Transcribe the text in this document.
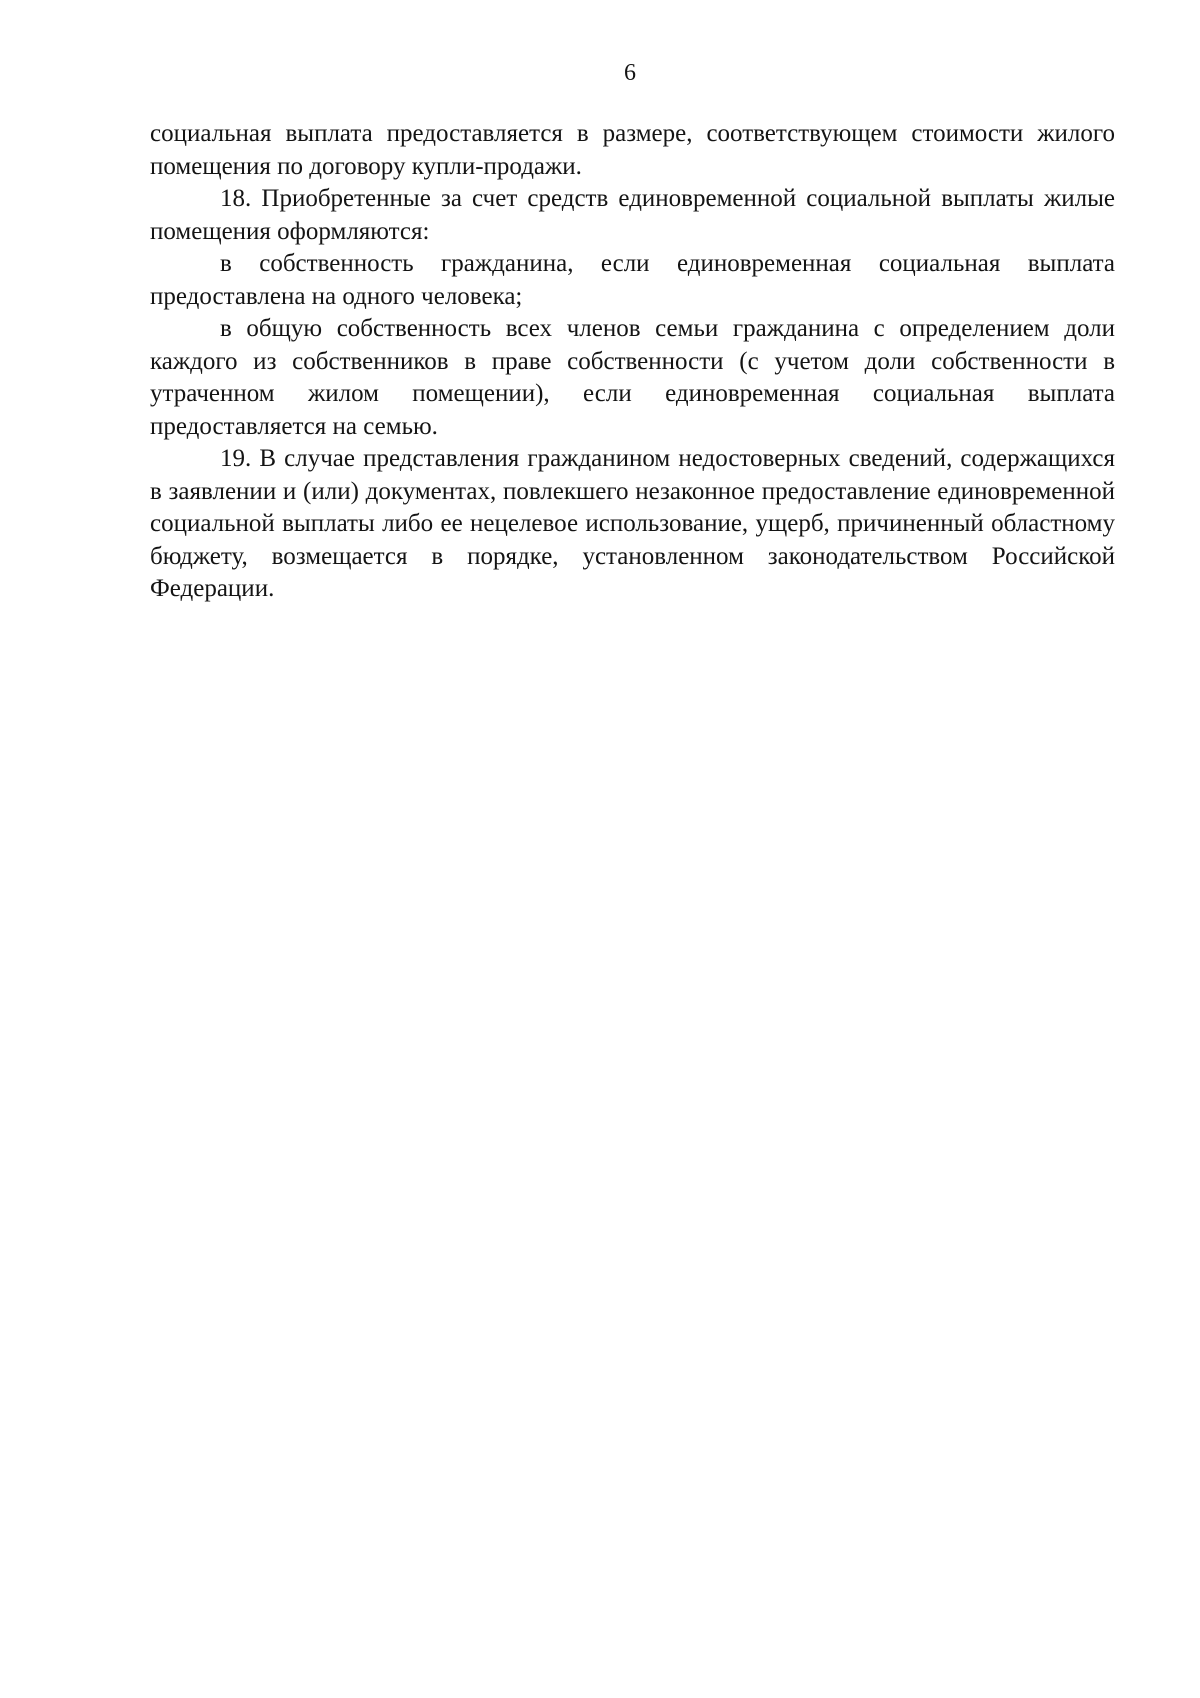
6

социальная выплата предоставляется в размере, соответствующем стоимости жилого помещения по договору купли-продажи.

18. Приобретенные за счет средств единовременной социальной выплаты жилые помещения оформляются:

в собственность гражданина, если единовременная социальная выплата предоставлена на одного человека;

в общую собственность всех членов семьи гражданина с определением доли каждого из собственников в праве собственности (с учетом доли собственности в утраченном жилом помещении), если единовременная социальная выплата предоставляется на семью.

19. В случае представления гражданином недостоверных сведений, содержащихся в заявлении и (или) документах, повлекшего незаконное предоставление единовременной социальной выплаты либо ее нецелевое использование, ущерб, причиненный областному бюджету, возмещается в порядке, установленном законодательством Российской Федерации.
